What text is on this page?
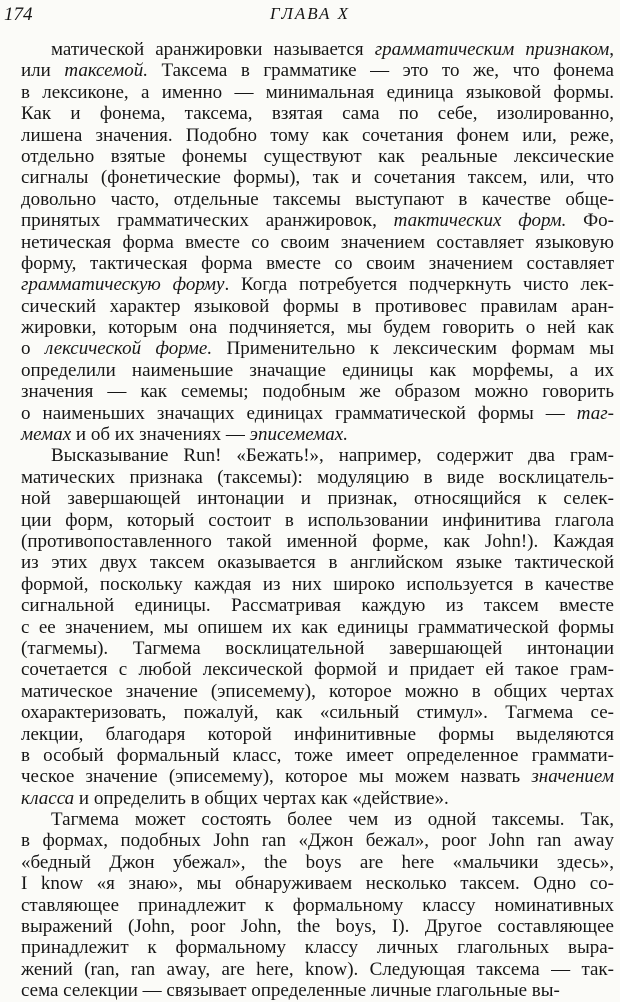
174	ГЛАВА X
матической аранжировки называется грамматическим признаком,
или таксемой. Таксема в грамматике — это то же, что фонема
в лексиконе, а именно — минимальная единица языковой формы.
Как и фонема, таксема, взятая сама по себе, изолированно,
лишена значения. Подобно тому как сочетания фонем или, реже,
отдельно взятые фонемы существуют как реальные лексические
сигналы (фонетические формы), так и сочетания таксем, или, что
довольно часто, отдельные таксемы выступают в качестве обще-
принятых грамматических аранжировок, тактических форм. Фо-
нетическая форма вместе со своим значением составляет языковую
форму, тактическая форма вместе со своим значением составляет
грамматическую форму. Когда потребуется подчеркнуть чисто лек-
сический характер языковой формы в противовес правилам аран-
жировки, которым она подчиняется, мы будем говорить о ней как
о лексической форме. Применительно к лексическим формам мы
определили наименьшие значащие единицы как морфемы, а их
значения — как семемы; подобным же образом можно говорить
о наименьших значащих единицах грамматической формы — таг-
мемах и об их значениях — эписемемах.
Высказывание Run! «Бежать!», например, содержит два грам-
матических признака (таксемы): модуляцию в виде восклицатель-
ной завершающей интонации и признак, относящийся к селек-
ции форм, который состоит в использовании инфинитива глагола
(противопоставленного такой именной форме, как John!). Каждая
из этих двух таксем оказывается в английском языке тактической
формой, поскольку каждая из них широко используется в качестве
сигнальной единицы. Рассматривая каждую из таксем вместе
с ее значением, мы опишем их как единицы грамматической формы
(тагмемы). Тагмема восклицательной завершающей интонации
сочетается с любой лексической формой и придает ей такое грам-
матическое значение (эписемему), которое можно в общих чертах
охарактеризовать, пожалуй, как «сильный стимул». Тагмема се-
лекции, благодаря которой инфинитивные формы выделяются
в особый формальный класс, тоже имеет определенное граммати-
ческое значение (эписемему), которое мы можем назвать значением
класса и определить в общих чертах как «действие».
Тагмема может состоять более чем из одной таксемы. Так,
в формах, подобных John ran «Джон бежал», poor John ran away
«бедный Джон убежал», the boys are here «мальчики здесь»,
I know «я знаю», мы обнаруживаем несколько таксем. Одно со-
ставляющее принадлежит к формальному классу номинативных
выражений (John, poor John, the boys, I). Другое составляющее
принадлежит к формальному классу личных глагольных выра-
жений (ran, ran away, are here, know). Следующая таксема — так-
сема селекции — связывает определенные личные глагольные вы-
